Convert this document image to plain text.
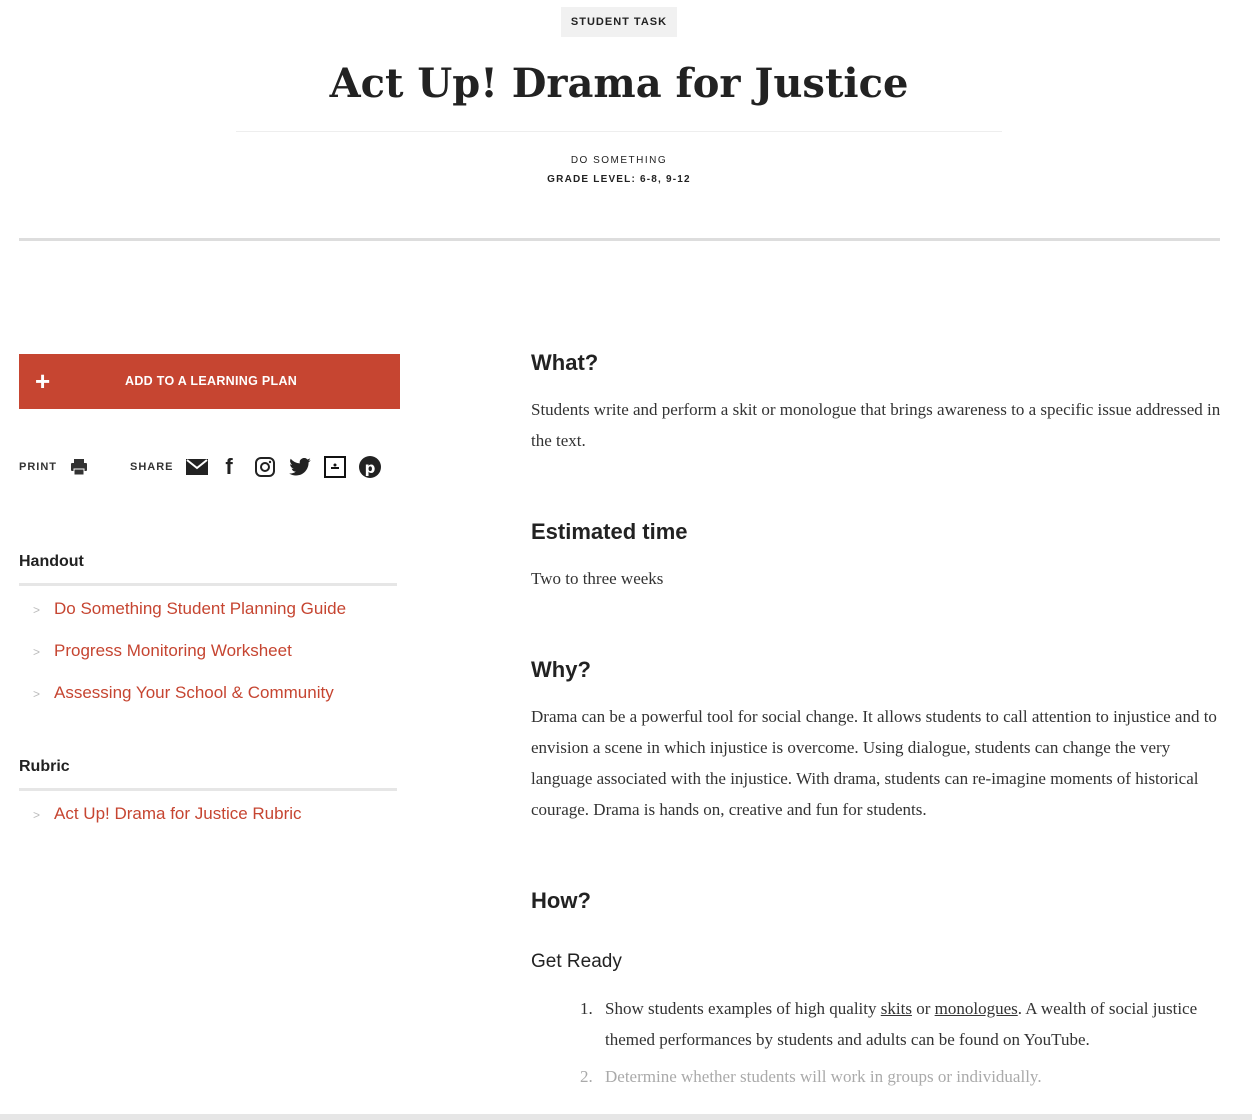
STUDENT TASK
Act Up! Drama for Justice
DO SOMETHING
GRADE LEVEL: 6-8, 9-12
+	ADD TO A LEARNING PLAN
PRINT	SHARE	f	p
Handout
> Do Something Student Planning Guide
> Progress Monitoring Worksheet
> Assessing Your School & Community
Rubric
> Act Up! Drama for Justice Rubric
What?
Students write and perform a skit or monologue that brings awareness to a specific issue addressed in the text.
Estimated time
Two to three weeks
Why?
Drama can be a powerful tool for social change. It allows students to call attention to injustice and to envision a scene in which injustice is overcome. Using dialogue, students can change the very language associated with the injustice. With drama, students can re-imagine moments of historical courage. Drama is hands on, creative and fun for students.
How?
Get Ready
1. Show students examples of high quality skits or monologues. A wealth of social justice themed performances by students and adults can be found on YouTube.
2. Determine whether students will work in groups or individually.
